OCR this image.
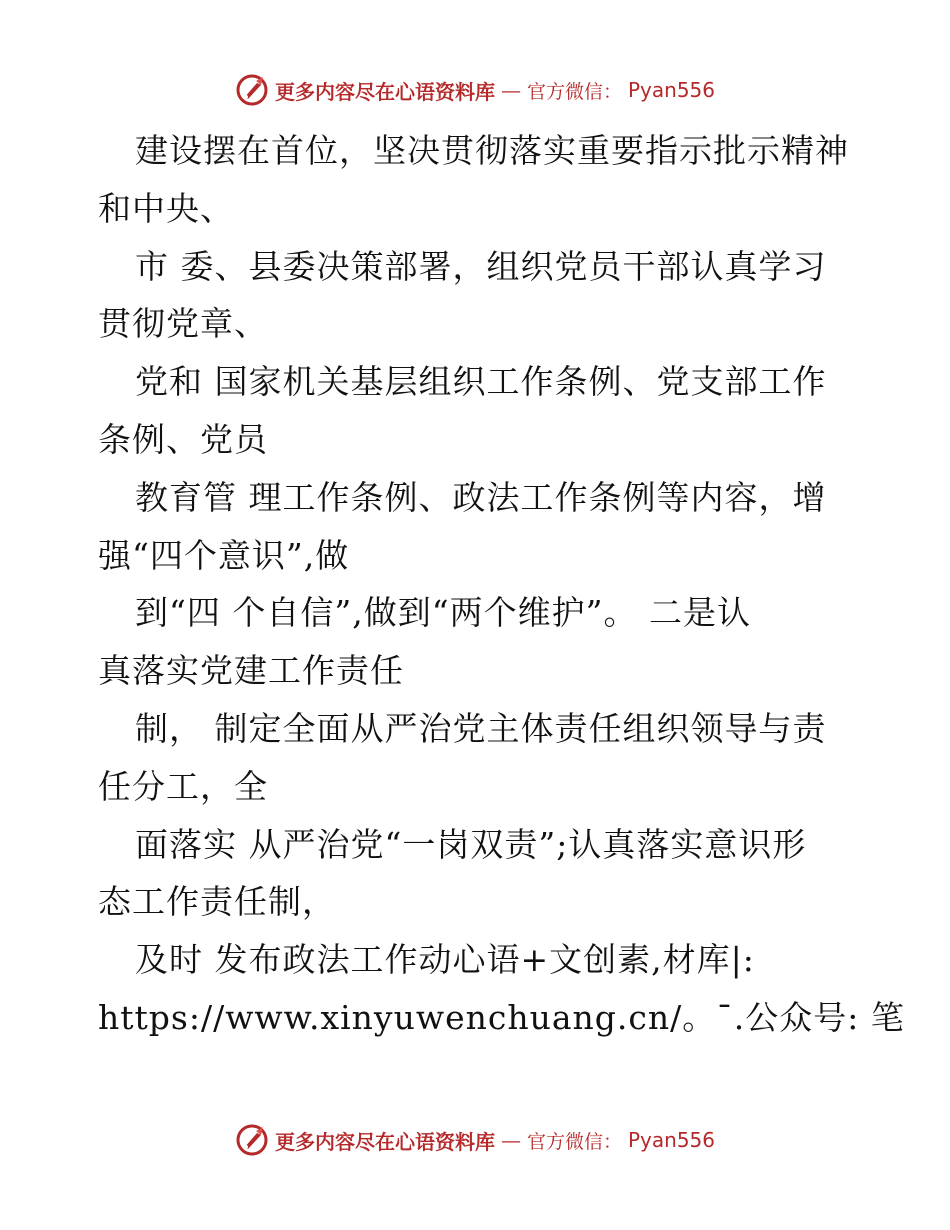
更多内容尽在心语资料库 — 官方微信： Pyan556
建设摆在首位，坚决贯彻落实重要指示批示精神
和中央、
市 委、县委决策部署，组织党员干部认真学习
贯彻党章、
党和 国家机关基层组织工作条例、党支部工作
条例、党员
教育管 理工作条例、政法工作条例等内容，增
强“四个意识”,做
到“四 个自信”,做到“两个维护”。 二是认
真落实党建工作责任
制， 制定全面从严治党主体责任组织领导与责
任分工，全
面落实 从严治党“一岗双责”;认真落实意识形
态工作责任制，
及时 发布政法工作动心语+文创素,材库|:
https://www.xinyuwenchuang.cn/。¯.公众号: 笔
更多内容尽在心语资料库 — 官方微信： Pyan556
